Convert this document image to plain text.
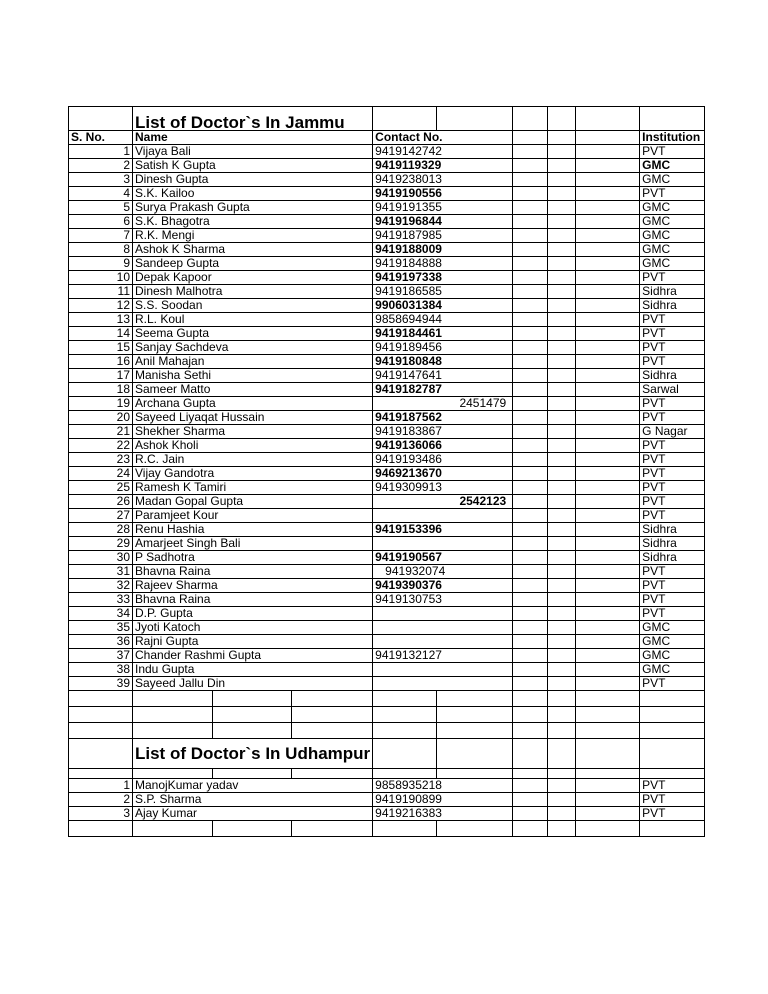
	List of Doctor`s In Jammu								
S. No.	Name			Contact No.					Institution
1	Vijaya Bali			9419142742					PVT
2	Satish K Gupta			9419119329					GMC
3	Dinesh Gupta			9419238013					GMC
4	S.K. Kailoo			9419190556					PVT
5	Surya Prakash Gupta			9419191355					GMC
6	S.K. Bhagotra			9419196844					GMC
7	R.K. Mengi			9419187985					GMC
8	Ashok K Sharma			9419188009					GMC
9	Sandeep Gupta			9419184888					GMC
10	Depak Kapoor			9419197338					PVT
11	Dinesh Malhotra			9419186585					Sidhra
12	S.S. Soodan			9906031384					Sidhra
13	R.L. Koul			9858694944					PVT
14	Seema Gupta			9419184461					PVT
15	Sanjay Sachdeva			9419189456					PVT
16	Anil Mahajan			9419180848					PVT
17	Manisha Sethi			9419147641					Sidhra
18	Sameer Matto			9419182787					Sarwal
19	Archana Gupta			2451479					PVT
20	Sayeed Liyaqat Hussain			9419187562					PVT
21	Shekher Sharma			9419183867					G Nagar
22	Ashok Kholi			9419136066					PVT
23	R.C. Jain			9419193486					PVT
24	Vijay Gandotra			9469213670					PVT
25	Ramesh K Tamiri			9419309913					PVT
26	Madan Gopal Gupta			2542123					PVT
27	Paramjeet Kour								PVT
28	Renu Hashia			9419153396					Sidhra
29	Amarjeet Singh Bali								Sidhra
30	P Sadhotra			9419190567					Sidhra
31	Bhavna Raina			941932074					PVT
32	Rajeev Sharma			9419390376					PVT
33	Bhavna Raina			9419130753					PVT
34	D.P. Gupta								PVT
35	Jyoti Katoch								GMC
36	Rajni Gupta								GMC
37	Chander Rashmi Gupta			9419132127					GMC
38	Indu Gupta								GMC
39	Sayeed Jallu Din								PVT

	List of Doctor`s In Udhampur								

1	ManojKumar yadav			9858935218					PVT
2	S.P. Sharma			9419190899					PVT
3	Ajay Kumar			9419216383					PVT
